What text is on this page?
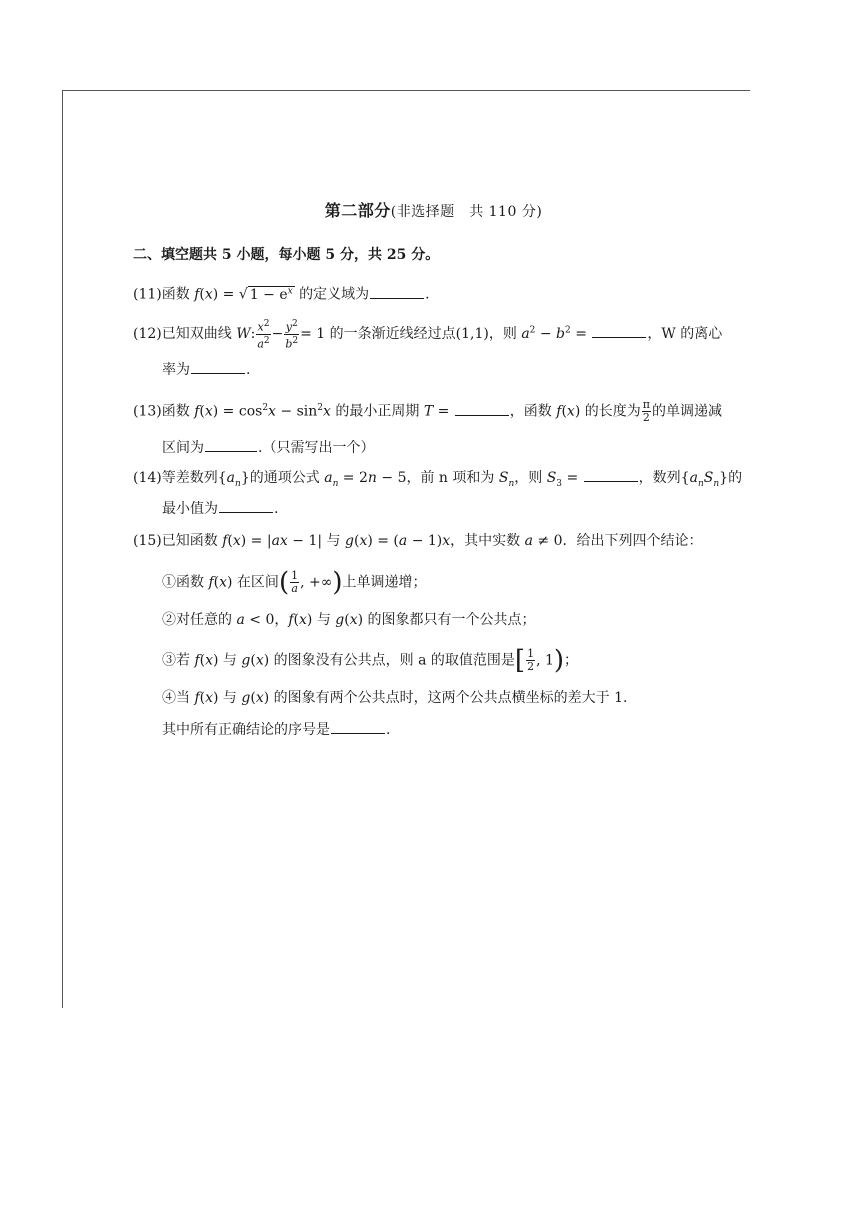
第二部分(非选择题　共 110 分)
二、填空题共 5 小题，每小题 5 分，共 25 分。
(11)函数 f(x) = √ $1 - e^x$ 的定义域为	.
(12)已知双曲线 W: $\frac{x^2}{a^2} - \frac{y^2}{b^2} = 1$ 的一条渐近线经过点(1,1)，则 $a^2 - b^2$ =	，W 的离心
率为	.
(13)函数 $f(x) = \cos^2x - \sin^2x$ 的最小正周期 T =	，函数 f(x) 的长度为 $\frac{\pi}{2}$ 的单调递减
区间为	.（只需写出一个）
(14)等差数列$\{a_n\}$的通项公式 $a_n = 2n - 5$，前 n 项和为 $S_n$，则 $S_3$ =	，数列$\{a_nS_n\}$的
最小值为	.
(15)已知函数 f(x) = |ax − 1| 与 g(x) = (a − 1)x，其中实数 a ≠ 0．给出下列四个结论：
①函数 f(x) 在区间( $\frac{1}{a}$ , +∞)上单调递增；
②对任意的 a < 0，f(x) 与 g(x) 的图象都只有一个公共点；
③若 f(x) 与 g(x) 的图象没有公共点，则 a 的取值范围是[ $\frac{1}{2}$ , 1)；
④当 f(x) 与 g(x) 的图象有两个公共点时，这两个公共点横坐标的差大于 1.
其中所有正确结论的序号是	.
